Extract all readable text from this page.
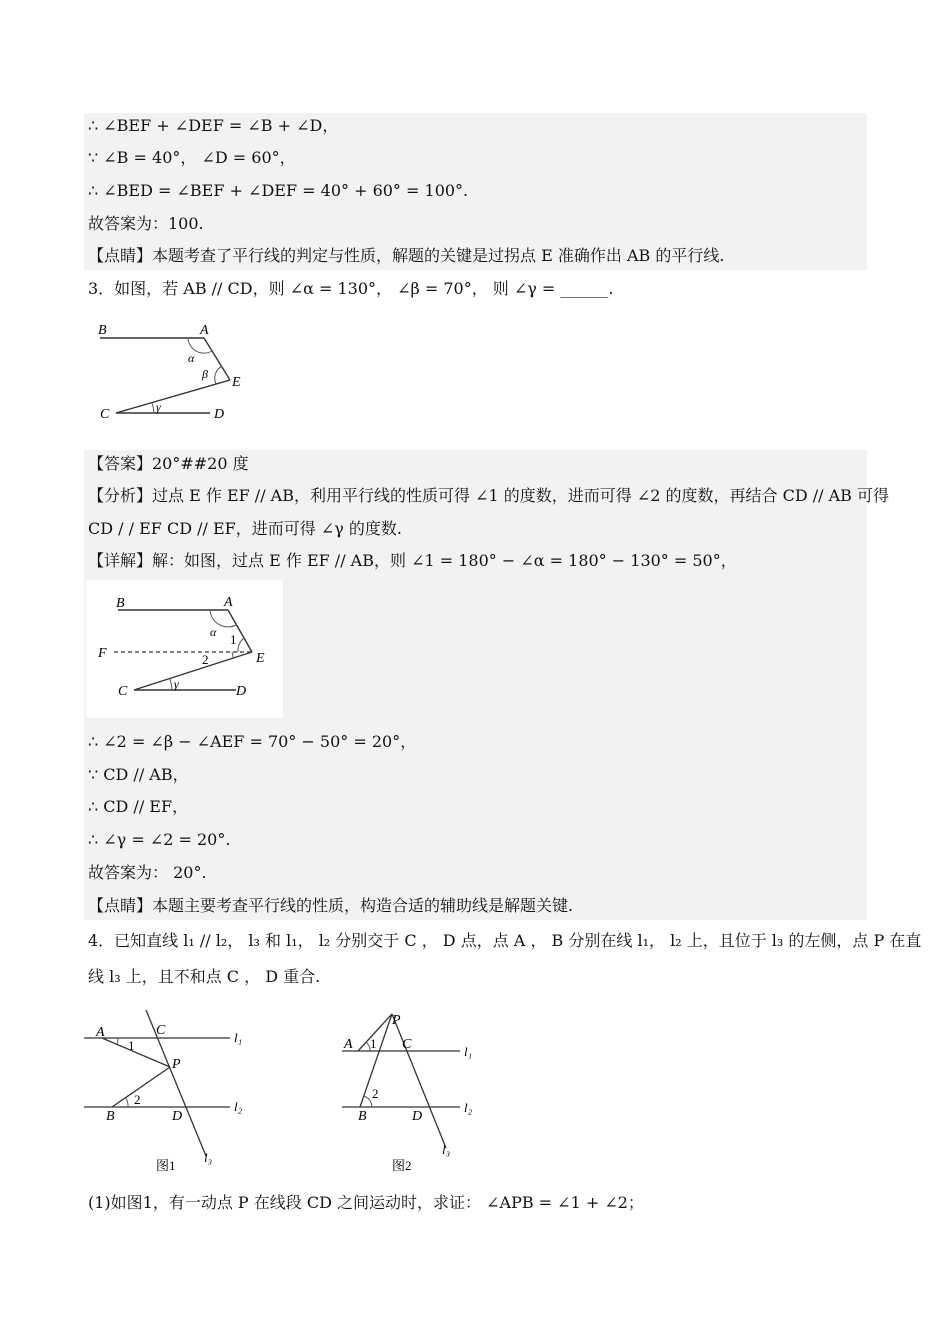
∴ ∠BEF + ∠DEF = ∠B + ∠D，
∵ ∠B = 40°， ∠D = 60°，
∴ ∠BED = ∠BEF + ∠DEF = 40° + 60° = 100°.
故答案为：100.
【点睛】本题考查了平行线的判定与性质，解题的关键是过拐点 E 准确作出 AB 的平行线.
3．如图，若 AB // CD，则 ∠α = 130°， ∠β = 70°， 则 ∠γ = ______.
B	A
α
β
E
C	γ	D
【答案】20°##20 度
【分析】过点 E 作 EF // AB，利用平行线的性质可得 ∠1 的度数，进而可得 ∠2 的度数，再结合 CD // AB 可得
CD / / EF CD // EF，进而可得 ∠γ 的度数.
【详解】解：如图，过点 E 作 EF // AB，则 ∠1 = 180° − ∠α = 180° − 130° = 50°，
B	A
α 1
F	2	E
C	γ	D
∴ ∠2 = ∠β − ∠AEF = 70° − 50° = 20°，
∵ CD // AB，
∴ CD // EF，
∴ ∠γ = ∠2 = 20°.
故答案为： 20°.
【点睛】本题主要考查平行线的性质，构造合适的辅助线是解题关键.
4．已知直线 l₁ // l₂， l₃ 和 l₁， l₂ 分别交于 C ， D 点，点 A ， B 分别在线 l₁， l₂ 上，且位于 l₃ 的左侧，点 P 在直
线 l₃ 上，且不和点 C ， D 重合.
A	C	l₁
1
P
2
B	D
l₂
l₃
图1
P
A 1 C	l₁
2
B	D
l₂
l₃
图2
(1)如图1，有一动点 P 在线段 CD 之间运动时，求证： ∠APB = ∠1 + ∠2；
